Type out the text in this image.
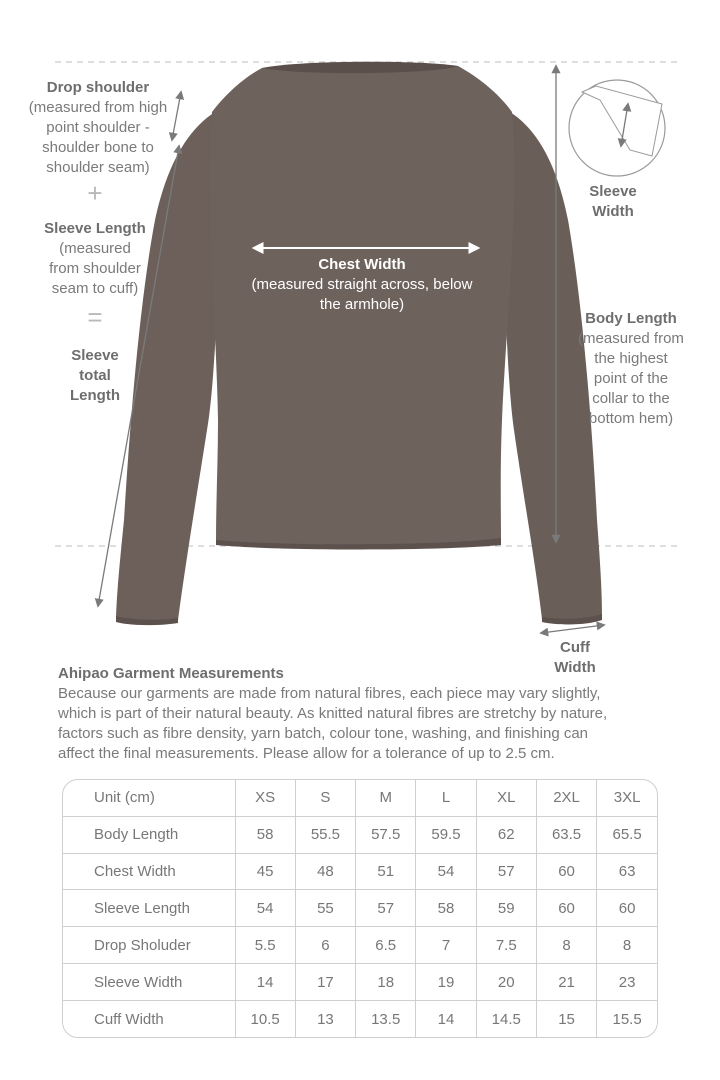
Drop shoulder
(measured from high
point shoulder -
shoulder bone to
shoulder seam)
+
Sleeve Length
(measured
from shoulder
seam to cuff)
=
Sleeve
total
Length
Chest Width
(measured straight across, below
the armhole)
Body Length
(measured from
the highest
point of the
collar to the
bottom hem)
Sleeve
Width
Cuff
Width
Ahipao Garment Measurements

Because our garments are made from natural fibres, each piece may vary slightly,

which is part of their natural beauty. As knitted natural fibres are stretchy by nature,

factors such as fibre density, yarn batch, colour tone, washing, and finishing can

affect the final measurements. Please allow for a tolerance of up to 2.5 cm.

Unit (cm)	XS	S	M	L	XL	2XL	3XL
Body Length	58	55.5	57.5	59.5	62	63.5	65.5
Chest Width	45	48	51	54	57	60	63
Sleeve Length	54	55	57	58	59	60	60
Drop Sholuder	5.5	6	6.5	7	7.5	8	8
Sleeve Width	14	17	18	19	20	21	23
Cuff Width	10.5	13	13.5	14	14.5	15	15.5
